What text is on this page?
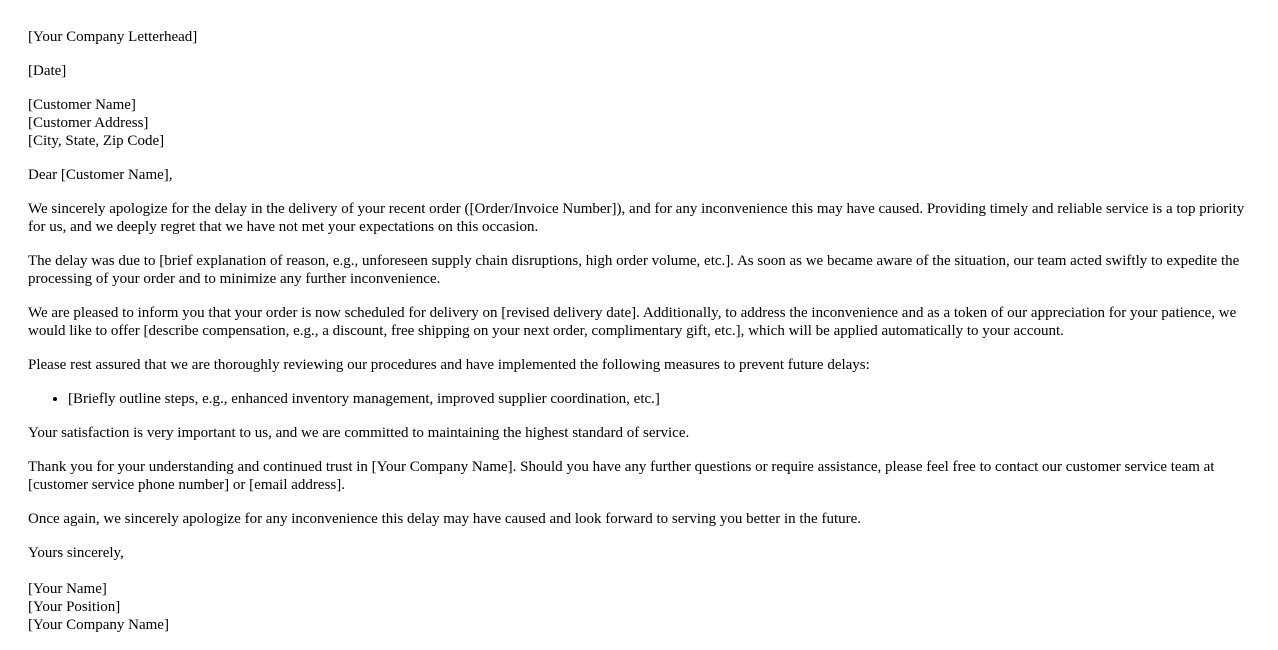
[Your Company Letterhead]

[Date]

[Customer Name]
[Customer Address]
[City, State, Zip Code]

Dear [Customer Name],

We sincerely apologize for the delay in the delivery of your recent order ([Order/Invoice Number]), and for any inconvenience this may have caused. Providing timely and reliable service is a top priority for us, and we deeply regret that we have not met your expectations on this occasion.

The delay was due to [brief explanation of reason, e.g., unforeseen supply chain disruptions, high order volume, etc.]. As soon as we became aware of the situation, our team acted swiftly to expedite the processing of your order and to minimize any further inconvenience.

We are pleased to inform you that your order is now scheduled for delivery on [revised delivery date]. Additionally, to address the inconvenience and as a token of our appreciation for your patience, we would like to offer [describe compensation, e.g., a discount, free shipping on your next order, complimentary gift, etc.], which will be applied automatically to your account.

Please rest assured that we are thoroughly reviewing our procedures and have implemented the following measures to prevent future delays:

• [Briefly outline steps, e.g., enhanced inventory management, improved supplier coordination, etc.]

Your satisfaction is very important to us, and we are committed to maintaining the highest standard of service.

Thank you for your understanding and continued trust in [Your Company Name]. Should you have any further questions or require assistance, please feel free to contact our customer service team at [customer service phone number] or [email address].

Once again, we sincerely apologize for any inconvenience this delay may have caused and look forward to serving you better in the future.

Yours sincerely,

[Your Name]
[Your Position]
[Your Company Name]
